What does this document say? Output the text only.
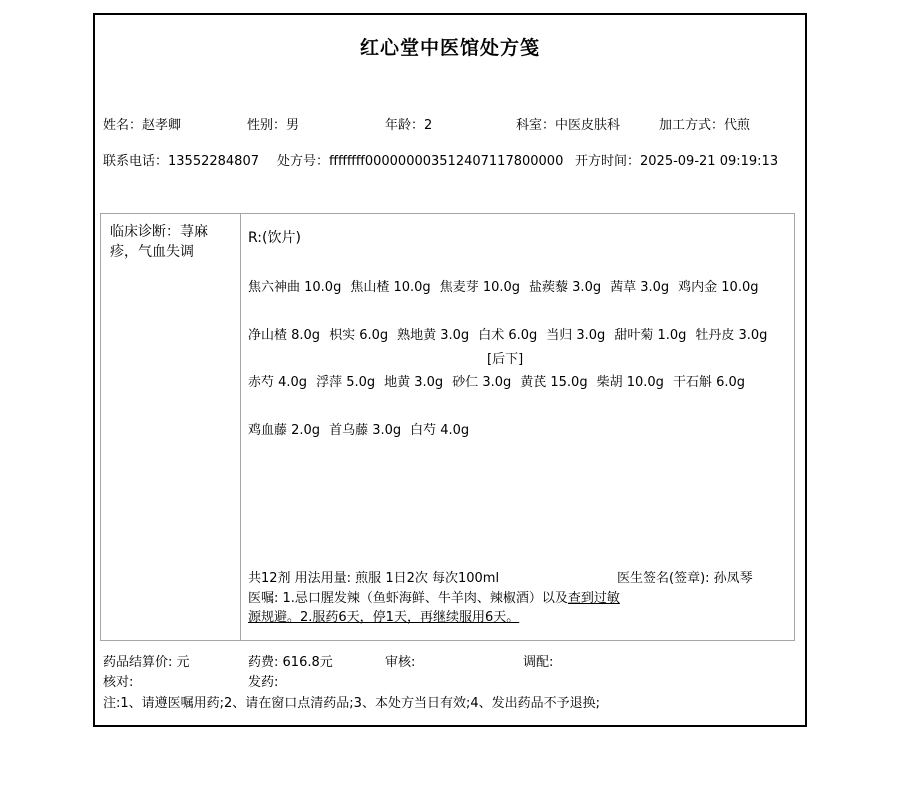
红心堂中医馆处方笺
姓名：赵孝卿	性别：男	年龄：2	科室：中医皮肤科	加工方式：代煎
联系电话：13552284807 处方号：ffffffff000000003512407117800000 开方时间：2025-09-21 09:19:13
临床诊断：荨麻疹，气血失调
R:(饮片)
焦六神曲 10.0g 焦山楂 10.0g 焦麦芽 10.0g 盐蒺藜 3.0g 茜草 3.0g 鸡内金 10.0g
净山楂 8.0g 枳实 6.0g 熟地黄 3.0g 白术 6.0g 当归 3.0g 甜叶菊 1.0g 牡丹皮 3.0g
[后下]
赤芍 4.0g 浮萍 5.0g 地黄 3.0g 砂仁 3.0g 黄芪 15.0g 柴胡 10.0g 干石斛 6.0g
鸡血藤 2.0g 首乌藤 3.0g 白芍 4.0g
共12剂 用法用量: 煎服 1日2次 每次100ml	医生签名(签章): 孙凤琴
医嘱: 1.忌口腥发辣（鱼虾海鲜、牛羊肉、辣椒酒）以及查到过敏
源规避。2.服药6天，停1天，再继续服用6天。
药品结算价: 元	药费: 616.8元	审核:	调配:
核对:	发药:
注:1、请遵医嘱用药;2、请在窗口点清药品;3、本处方当日有效;4、发出药品不予退换;
